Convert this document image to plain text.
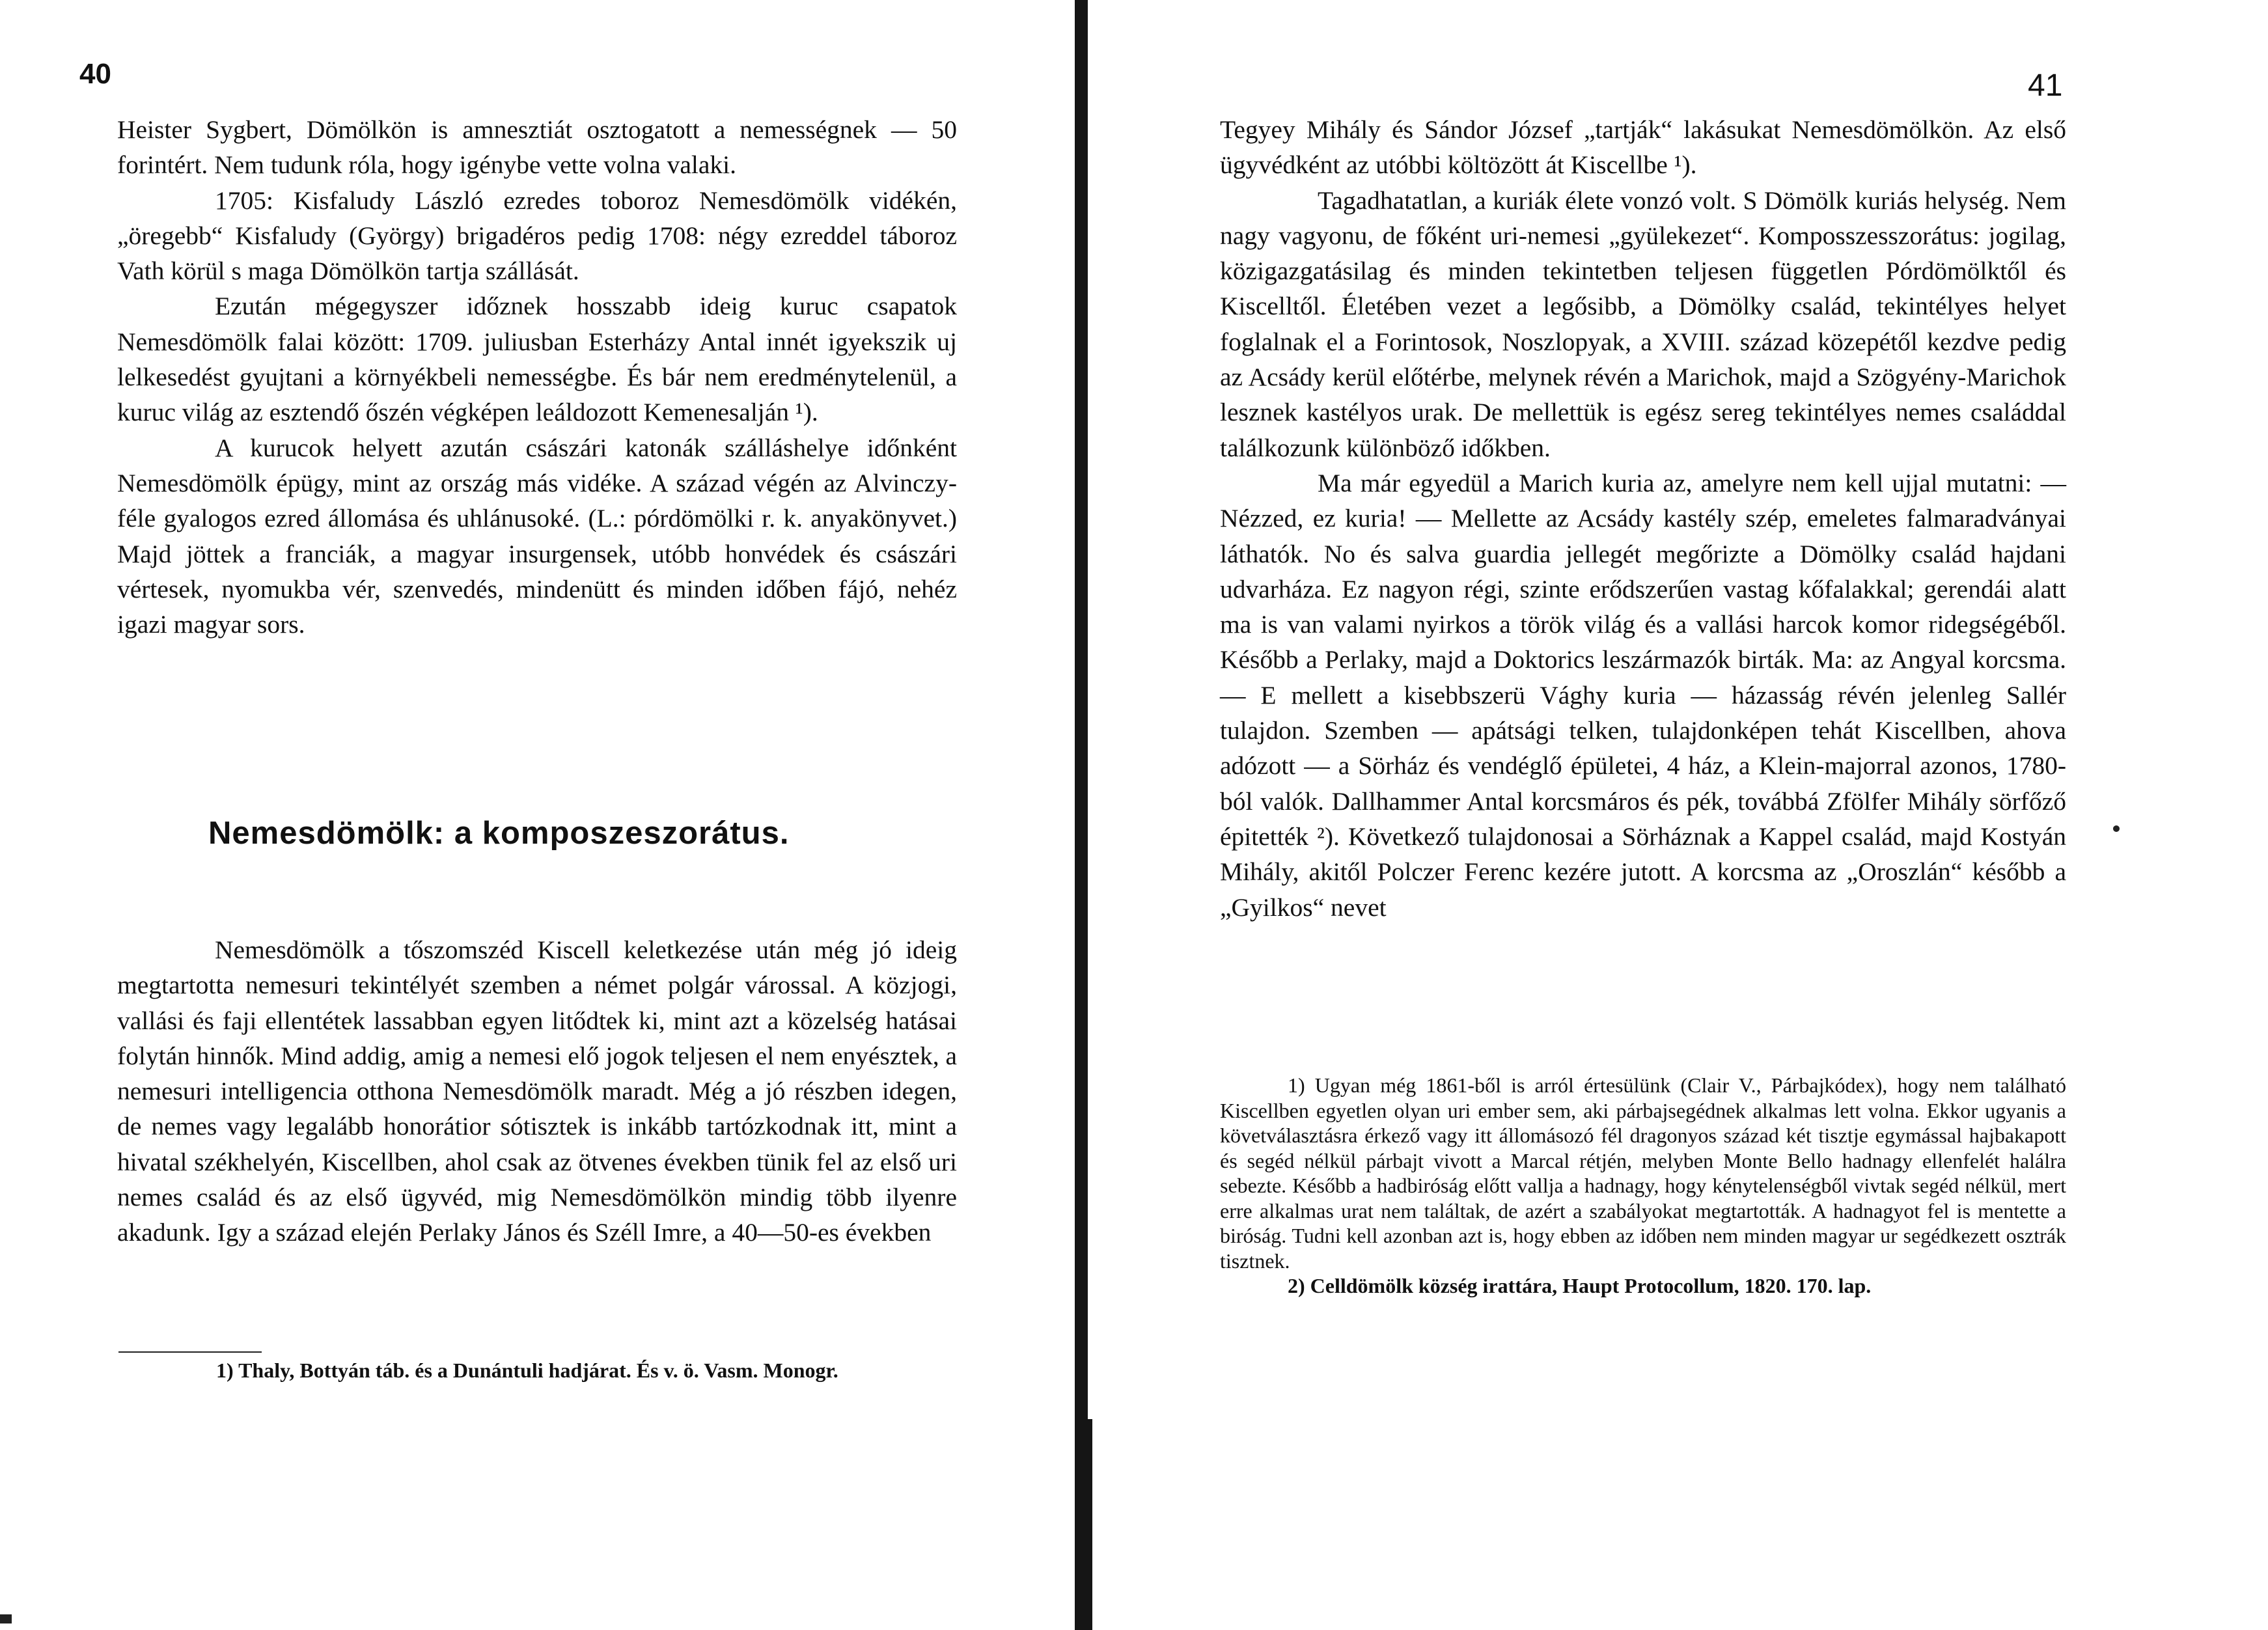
40

Heister Sygbert, Dömölkön is amnesztiát osztogatott a nemességnek — 50 forintért. Nem tudunk róla, hogy igénybe vette volna valaki.

1705: Kisfaludy László ezredes toboroz Nemesdömölk vidékén, „öregebb“ Kisfaludy (György) brigadéros pedig 1708: négy ezreddel táboroz Vath körül s maga Dömölkön tartja szállását.

Ezután mégegyszer időznek hosszabb ideig kuruc csapatok Nemesdömölk falai között: 1709. juliusban Esterházy Antal innét igyekszik uj lelkesedést gyujtani a környékbeli nemességbe. És bár nem eredménytelenül, a kuruc világ az esztendő őszén végképen leáldozott Kemenesalján ¹).

A kurucok helyett azután császári katonák szálláshelye időnként Nemesdömölk épügy, mint az ország más vidéke. A század végén az Alvinczy-féle gyalogos ezred állomása és uhlánusoké. (L.: pórdömölki r. k. anyakönyvet.) Majd jöttek a franciák, a magyar insurgensek, utóbb honvédek és császári vértesek, nyomukba vér, szenvedés, mindenütt és minden időben fájó, nehéz igazi magyar sors.

Nemesdömölk: a komposzeszorátus.

Nemesdömölk a tőszomszéd Kiscell keletkezése után még jó ideig megtartotta nemesuri tekintélyét szemben a német polgár várossal. A közjogi, vallási és faji ellentétek lassabban egyen litődtek ki, mint azt a közelség hatásai folytán hinnők. Mind addig, amig a nemesi elő jogok teljesen el nem enyésztek, a nemesuri intelligencia otthona Nemesdömölk maradt. Még a jó részben idegen, de nemes vagy legalább honorátior sótisztek is inkább tartózkodnak itt, mint a hivatal székhelyén, Kiscellben, ahol csak az ötvenes években tünik fel az első uri nemes család és az első ügyvéd, mig Nemesdömölkön mindig több ilyenre akadunk. Igy a század elején Perlaky János és Széll Imre, a 40—50-es években

1) Thaly, Bottyán táb. és a Dunántuli hadjárat. És v. ö. Vasm. Monogr.

41

Tegyey Mihály és Sándor József „tartják“ lakásukat Nemesdömölkön. Az első ügyvédként az utóbbi költözött át Kiscellbe ¹).

Tagadhatatlan, a kuriák élete vonzó volt. S Dömölk kuriás helység. Nem nagy vagyonu, de főként uri-nemesi „gyülekezet“. Komposszesszorátus: jogilag, közigazgatásilag és minden tekintetben teljesen független Pórdömölktől és Kiscelltől. Életében vezet a legősibb, a Dömölky család, tekintélyes helyet foglalnak el a Forintosok, Noszlopyak, a XVIII. század közepétől kezdve pedig az Acsády kerül előtérbe, melynek révén a Marichok, majd a Szögyény-Marichok lesznek kastélyos urak. De mellettük is egész sereg tekintélyes nemes családdal találkozunk különböző időkben.

Ma már egyedül a Marich kuria az, amelyre nem kell ujjal mutatni: — Nézzed, ez kuria! — Mellette az Acsády kastély szép, emeletes falmaradványai láthatók. No és salva guardia jellegét megőrizte a Dömölky család hajdani udvarháza. Ez nagyon régi, szinte erődszerűen vastag kőfalakkal; gerendái alatt ma is van valami nyirkos a török világ és a vallási harcok komor ridegségéből. Később a Perlaky, majd a Doktorics leszármazók birták. Ma: az Angyal korcsma. — E mellett a kisebbszerü Vághy kuria — házasság révén jelenleg Sallér tulajdon. Szemben — apátsági telken, tulajdonképen tehát Kiscellben, ahova adózott — a Sörház és vendéglő épületei, 4 ház, a Klein-majorral azonos, 1780-ból valók. Dallhammer Antal korcsmáros és pék, továbbá Zfölfer Mihály sörfőző épitették ²). Következő tulajdonosai a Sörháznak a Kappel család, majd Kostyán Mihály, akitől Polczer Ferenc kezére jutott. A korcsma az „Oroszlán“ később a „Gyilkos“ nevet

1) Ugyan még 1861-ből is arról értesülünk (Clair V., Párbajkódex), hogy nem található Kiscellben egyetlen olyan uri ember sem, aki párbajsegédnek alkalmas lett volna. Ekkor ugyanis a követválasztásra érkező vagy itt állomásozó fél dragonyos század két tisztje egymással hajbakapott és segéd nélkül párbajt vivott a Marcal rétjén, melyben Monte Bello hadnagy ellenfelét halálra sebezte. Később a hadbiróság előtt vallja a hadnagy, hogy kénytelenségből vivtak segéd nélkül, mert erre alkalmas urat nem találtak, de azért a szabályokat megtartották. A hadnagyot fel is mentette a biróság. Tudni kell azonban azt is, hogy ebben az időben nem minden magyar ur segédkezett osztrák tisztnek.

2) Celldömölk község irattára, Haupt Protocollum, 1820. 170. lap.
